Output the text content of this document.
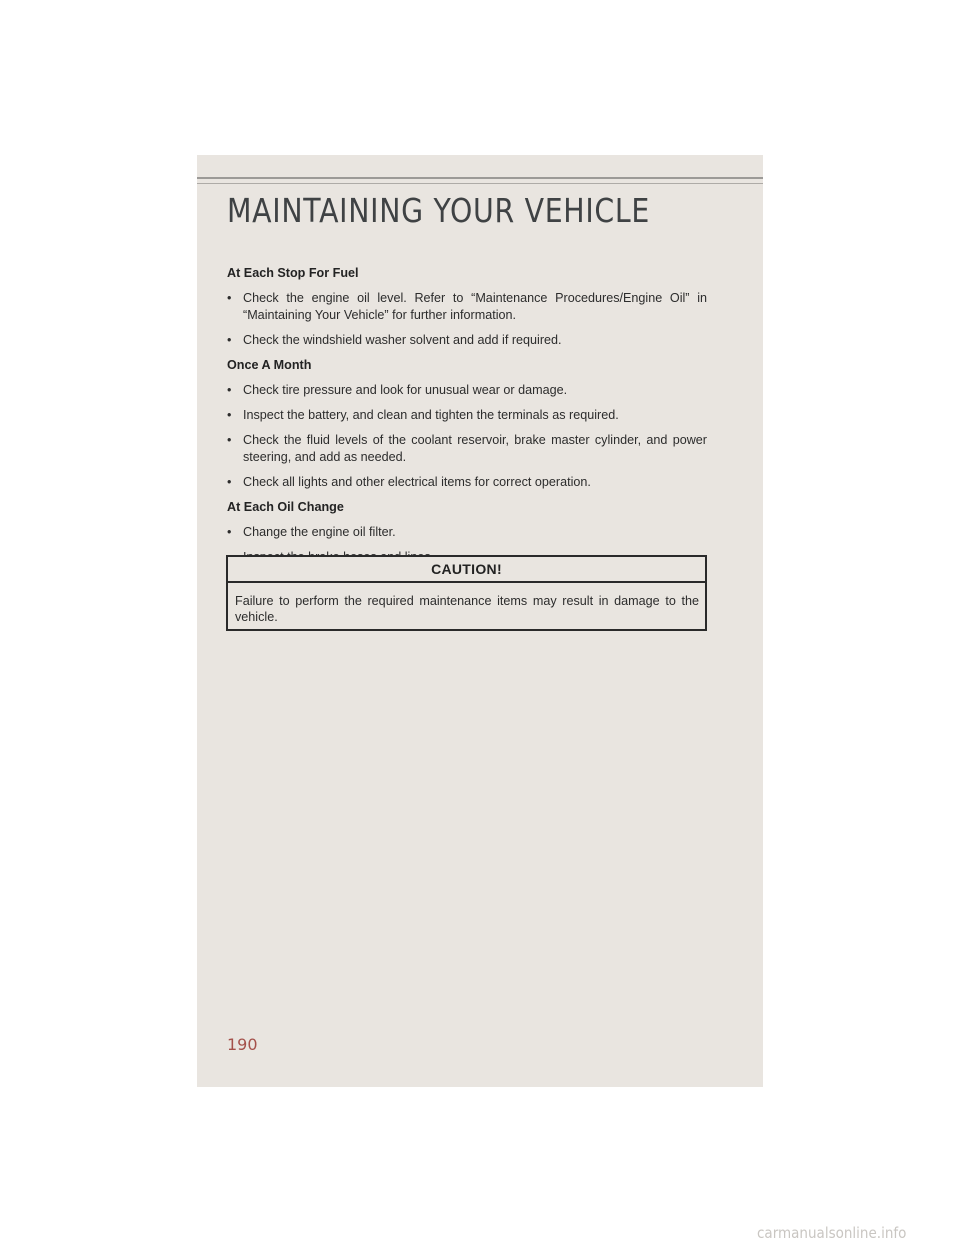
MAINTAINING YOUR VEHICLE

At Each Stop For Fuel

• Check the engine oil level. Refer to “Maintenance Procedures/Engine Oil” in “Maintaining Your Vehicle” for further information.
• Check the windshield washer solvent and add if required.

Once A Month

• Check tire pressure and look for unusual wear or damage.
• Inspect the battery, and clean and tighten the terminals as required.
• Check the fluid levels of the coolant reservoir, brake master cylinder, and power steering, and add as needed.
• Check all lights and other electrical items for correct operation.

At Each Oil Change

• Change the engine oil filter.
CAUTION!
Failure to perform the required maintenance items may result in damage to the vehicle.
190
carmanualsonline.info
